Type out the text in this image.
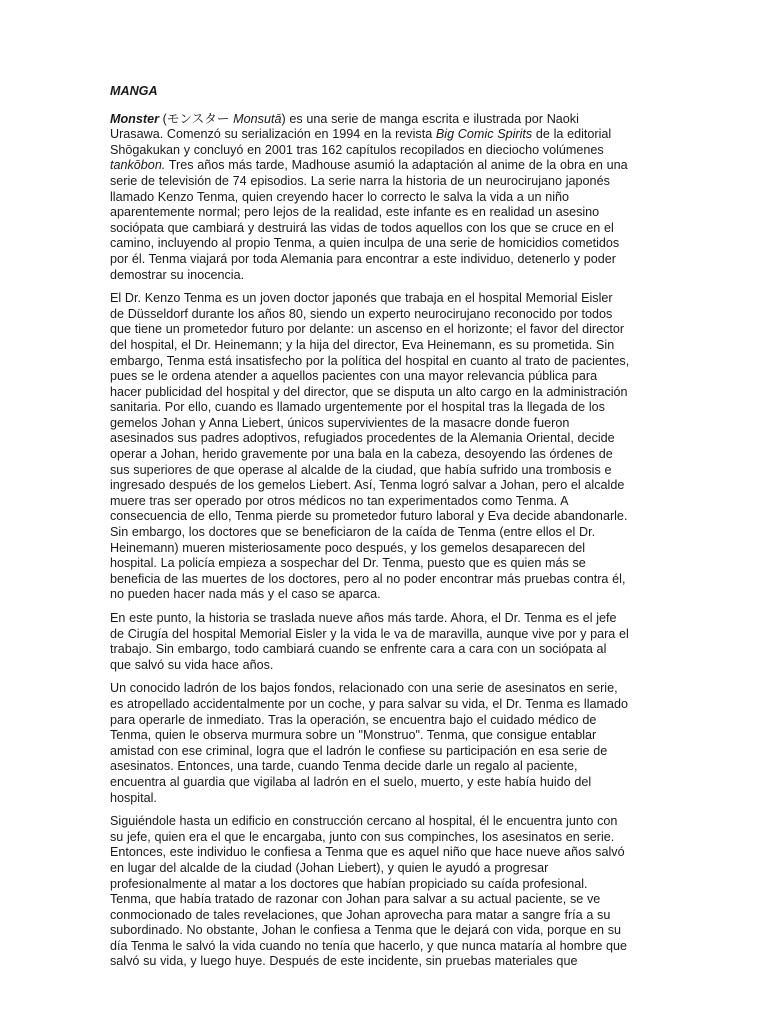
MANGA

Monster (モンスター Monsutā) es una serie de manga escrita e ilustrada por Naoki Urasawa. Comenzó su serialización en 1994 en la revista Big Comic Spirits de la editorial Shōgakukan y concluyó en 2001 tras 162 capítulos recopilados en dieciocho volúmenes tankōbon. Tres años más tarde, Madhouse asumió la adaptación al anime de la obra en una serie de televisión de 74 episodios. La serie narra la historia de un neurocirujano japonés llamado Kenzo Tenma, quien creyendo hacer lo correcto le salva la vida a un niño aparentemente normal; pero lejos de la realidad, este infante es en realidad un asesino sociópata que cambiará y destruirá las vidas de todos aquellos con los que se cruce en el camino, incluyendo al propio Tenma, a quien inculpa de una serie de homicidios cometidos por él. Tenma viajará por toda Alemania para encontrar a este individuo, detenerlo y poder demostrar su inocencia.

El Dr. Kenzo Tenma es un joven doctor japonés que trabaja en el hospital Memorial Eisler de Düsseldorf durante los años 80, siendo un experto neurocirujano reconocido por todos que tiene un prometedor futuro por delante: un ascenso en el horizonte; el favor del director del hospital, el Dr. Heinemann; y la hija del director, Eva Heinemann, es su prometida. Sin embargo, Tenma está insatisfecho por la política del hospital en cuanto al trato de pacientes, pues se le ordena atender a aquellos pacientes con una mayor relevancia pública para hacer publicidad del hospital y del director, que se disputa un alto cargo en la administración sanitaria. Por ello, cuando es llamado urgentemente por el hospital tras la llegada de los gemelos Johan y Anna Liebert, únicos supervivientes de la masacre donde fueron asesinados sus padres adoptivos, refugiados procedentes de la Alemania Oriental, decide operar a Johan, herido gravemente por una bala en la cabeza, desoyendo las órdenes de sus superiores de que operase al alcalde de la ciudad, que había sufrido una trombosis e ingresado después de los gemelos Liebert. Así, Tenma logró salvar a Johan, pero el alcalde muere tras ser operado por otros médicos no tan experimentados como Tenma. A consecuencia de ello, Tenma pierde su prometedor futuro laboral y Eva decide abandonarle. Sin embargo, los doctores que se beneficiaron de la caída de Tenma (entre ellos el Dr. Heinemann) mueren misteriosamente poco después, y los gemelos desaparecen del hospital. La policía empieza a sospechar del Dr. Tenma, puesto que es quien más se beneficia de las muertes de los doctores, pero al no poder encontrar más pruebas contra él, no pueden hacer nada más y el caso se aparca.

En este punto, la historia se traslada nueve años más tarde. Ahora, el Dr. Tenma es el jefe de Cirugía del hospital Memorial Eisler y la vida le va de maravilla, aunque vive por y para el trabajo. Sin embargo, todo cambiará cuando se enfrente cara a cara con un sociópata al que salvó su vida hace años.

Un conocido ladrón de los bajos fondos, relacionado con una serie de asesinatos en serie, es atropellado accidentalmente por un coche, y para salvar su vida, el Dr. Tenma es llamado para operarle de inmediato. Tras la operación, se encuentra bajo el cuidado médico de Tenma, quien le observa murmura sobre un "Monstruo". Tenma, que consigue entablar amistad con ese criminal, logra que el ladrón le confiese su participación en esa serie de asesinatos. Entonces, una tarde, cuando Tenma decide darle un regalo al paciente, encuentra al guardia que vigilaba al ladrón en el suelo, muerto, y este había huido del hospital.

Siguiéndole hasta un edificio en construcción cercano al hospital, él le encuentra junto con su jefe, quien era el que le encargaba, junto con sus compinches, los asesinatos en serie. Entonces, este individuo le confiesa a Tenma que es aquel niño que hace nueve años salvó en lugar del alcalde de la ciudad (Johan Liebert), y quien le ayudó a progresar profesionalmente al matar a los doctores que habían propiciado su caída profesional. Tenma, que había tratado de razonar con Johan para salvar a su actual paciente, se ve conmocionado de tales revelaciones, que Johan aprovecha para matar a sangre fría a su subordinado. No obstante, Johan le confiesa a Tenma que le dejará con vida, porque en su día Tenma le salvó la vida cuando no tenía que hacerlo, y que nunca mataría al hombre que salvó su vida, y luego huye. Después de este incidente, sin pruebas materiales que
